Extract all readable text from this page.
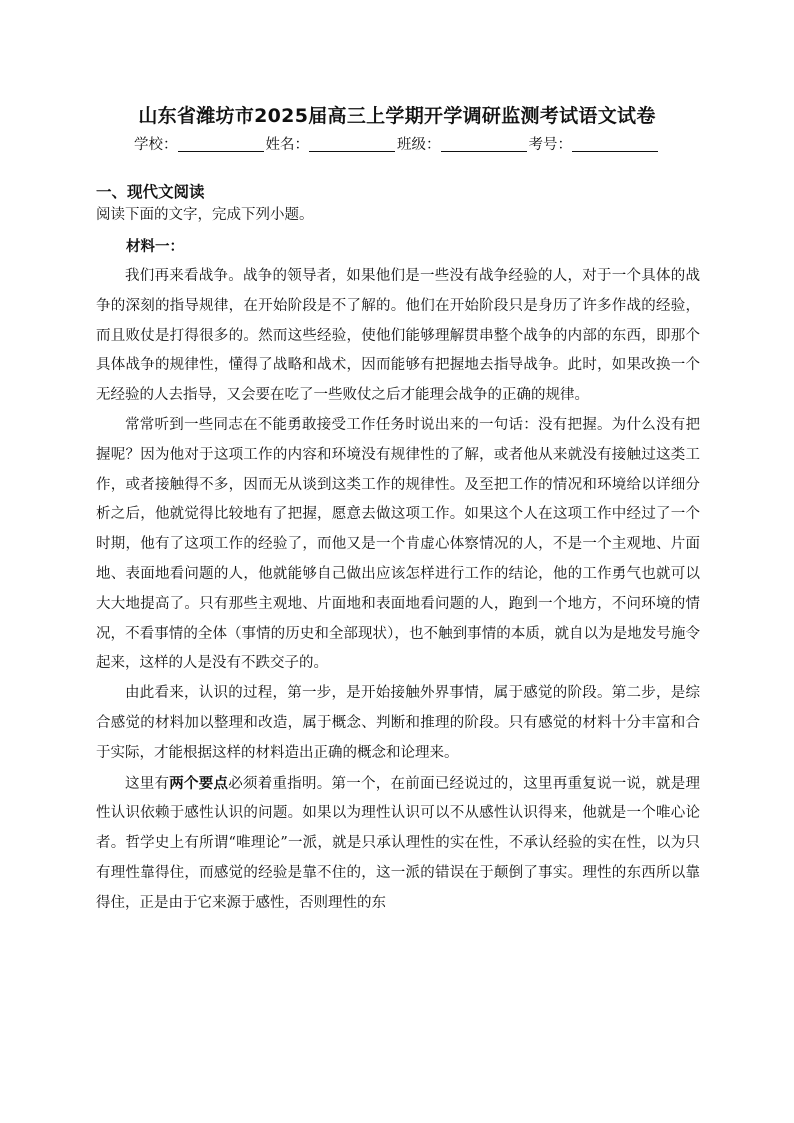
山东省潍坊市2025届高三上学期开学调研监测考试语文试卷
学校：	姓名：	班级：	考号：
一、现代文阅读
阅读下面的文字，完成下列小题。
材料一：

我们再来看战争。战争的领导者，如果他们是一些没有战争经验的人，对于一个具体的战争的深刻的指导规律，在开始阶段是不了解的。他们在开始阶段只是身历了许多作战的经验，而且败仗是打得很多的。然而这些经验，使他们能够理解贯串整个战争的内部的东西，即那个具体战争的规律性，懂得了战略和战术，因而能够有把握地去指导战争。此时，如果改换一个无经验的人去指导，又会要在吃了一些败仗之后才能理会战争的正确的规律。

常常听到一些同志在不能勇敢接受工作任务时说出来的一句话：没有把握。为什么没有把握呢？因为他对于这项工作的内容和环境没有规律性的了解，或者他从来就没有接触过这类工作，或者接触得不多，因而无从谈到这类工作的规律性。及至把工作的情况和环境给以详细分析之后，他就觉得比较地有了把握，愿意去做这项工作。如果这个人在这项工作中经过了一个时期，他有了这项工作的经验了，而他又是一个肯虚心体察情况的人，不是一个主观地、片面地、表面地看问题的人，他就能够自己做出应该怎样进行工作的结论，他的工作勇气也就可以大大地提高了。只有那些主观地、片面地和表面地看问题的人，跑到一个地方，不问环境的情况，不看事情的全体（事情的历史和全部现状），也不触到事情的本质，就自以为是地发号施令起来，这样的人是没有不跌交子的。

由此看来，认识的过程，第一步，是开始接触外界事情，属于感觉的阶段。第二步，是综合感觉的材料加以整理和改造，属于概念、判断和推理的阶段。只有感觉的材料十分丰富和合于实际，才能根据这样的材料造出正确的概念和论理来。

这里有两个要点必须着重指明。第一个，在前面已经说过的，这里再重复说一说，就是理性认识依赖于感性认识的问题。如果以为理性认识可以不从感性认识得来，他就是一个唯心论者。哲学史上有所谓“唯理论”一派，就是只承认理性的实在性，不承认经验的实在性，以为只有理性靠得住，而感觉的经验是靠不住的，这一派的错误在于颠倒了事实。理性的东西所以靠得住，正是由于它来源于感性，否则理性的东
